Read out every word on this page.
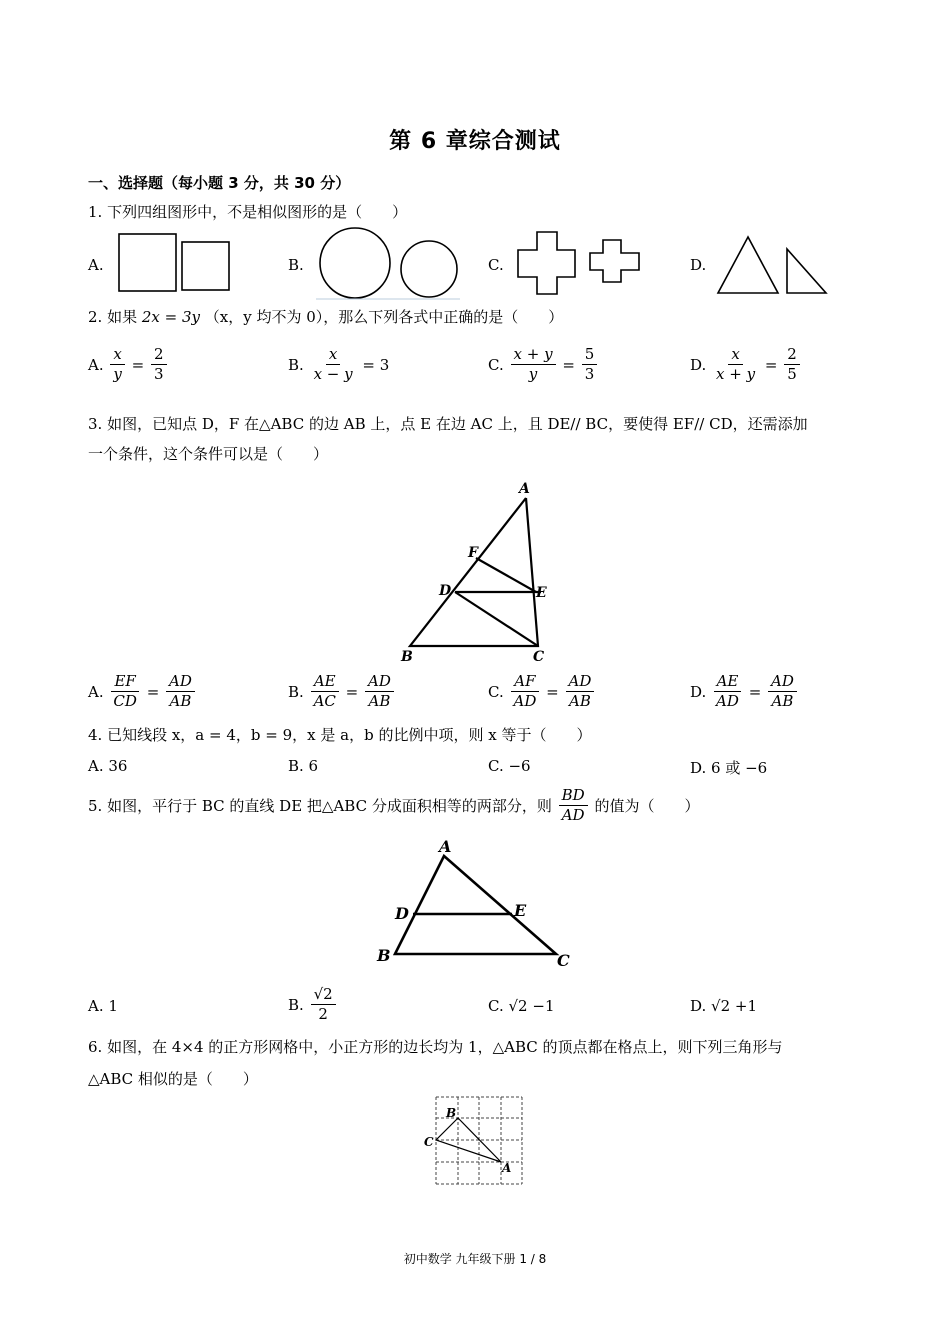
第 6 章综合测试
一、选择题（每小题 3 分，共 30 分）
1. 下列四组图形中，不是相似图形的是（　　）
A.	B.	C.	D.
2. 如果 2x = 3y （x，y 均不为 0），那么下列各式中正确的是（　　）
A. $\frac{x}{y} = \frac{2}{3}$	B. $\frac{x}{x - y} = 3$	C. $\frac{x + y}{y} = \frac{5}{3}$	D. $\frac{x}{x + y} = \frac{2}{5}$
3. 如图，已知点 D，F 在△ABC 的边 AB 上，点 E 在边 AC 上，且 DE// BC，要使得 EF// CD，还需添加
一个条件，这个条件可以是（　　）
A
F
D	E
B	C
A. $\frac{EF}{CD} = \frac{AD}{AB}$	B. $\frac{AE}{AC} = \frac{AD}{AB}$	C. $\frac{AF}{AD} = \frac{AD}{AB}$	D. $\frac{AE}{AD} = \frac{AD}{AB}$
4. 已知线段 x，a = 4，b = 9，x 是 a，b 的比例中项，则 x 等于（　　）
A. 36	B. 6	C. −6	D. 6 或 −6
5. 如图，平行于 BC 的直线 DE 把△ABC 分成面积相等的两部分，则 $\frac{BD}{AD}$ 的值为（　　）
A
D	E
B	C
A. 1	B. $\frac{√2}{2}$	C. √2 −1	D. √2 +1
6. 如图，在 4×4 的正方形网格中，小正方形的边长均为 1，△ABC 的顶点都在格点上，则下列三角形与
△ABC 相似的是（　　）
B
C
A
初中数学 九年级下册 1 / 8
